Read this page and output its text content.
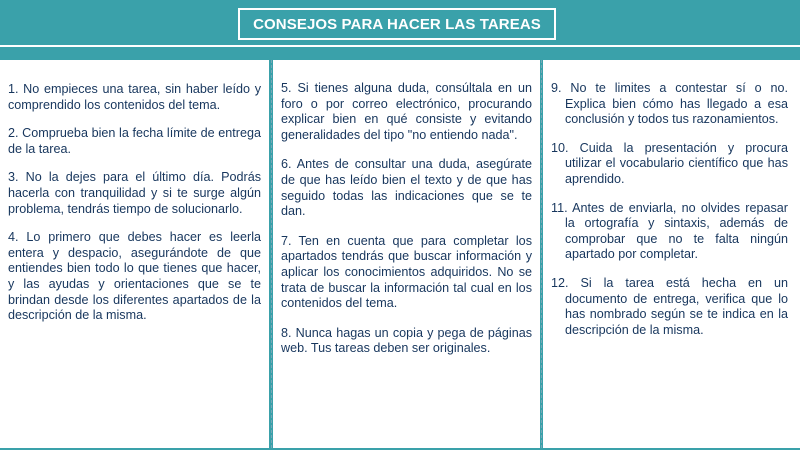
CONSEJOS PARA HACER LAS TAREAS

1. No empieces una tarea, sin haber leído y comprendido los contenidos del tema.

2. Comprueba bien la fecha límite de entrega de la tarea.

3. No la dejes para el último día. Podrás hacerla con tranquilidad y si te surge algún problema, tendrás tiempo de solucionarlo.

4. Lo primero que debes hacer es leerla entera y despacio, asegurándote de que entiendes bien todo lo que tienes que hacer, y las ayudas y orientaciones que se te brindan desde los diferentes apartados de la descripción de la misma.

5. Si tienes alguna duda, consúltala en un foro o por correo electrónico, procurando explicar bien en qué consiste y evitando generalidades del tipo "no entiendo nada".

6. Antes de consultar una duda, asegúrate de que has leído bien el texto y de que has seguido todas las indicaciones que se te dan.

7. Ten en cuenta que para completar los apartados tendrás que buscar información y aplicar los conocimientos adquiridos. No se trata de buscar la información tal cual en los contenidos del tema.

8. Nunca hagas un copia y pega de páginas web. Tus tareas deben ser originales.

9. No te limites a contestar sí o no. Explica bien cómo has llegado a esa conclusión y todos tus razonamientos.

10. Cuida la presentación y procura utilizar el vocabulario científico que has aprendido.

11. Antes de enviarla, no olvides repasar la ortografía y sintaxis, además de comprobar que no te falta ningún apartado por completar.

12. Si la tarea está hecha en un documento de entrega, verifica que lo has nombrado según se te indica en la descripción de la misma.
